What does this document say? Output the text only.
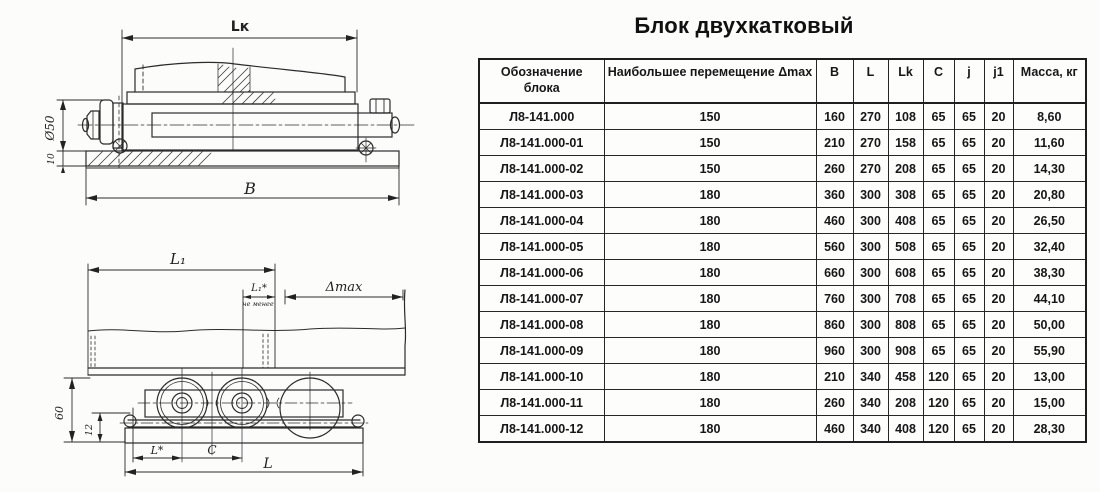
Lк
Ø50
10
B
L₁
L₁*
не менее
Δmax
60
12
L*	C
L
Блок двухкатковый
Обозначение блока	Наибольшее перемещение Δmax	B	L	Lk	C	j	j1	Масса, кг
Л8-141.000	150	160	270	108	65	65	20	8,60
Л8-141.000-01	150	210	270	158	65	65	20	11,60
Л8-141.000-02	150	260	270	208	65	65	20	14,30
Л8-141.000-03	180	360	300	308	65	65	20	20,80
Л8-141.000-04	180	460	300	408	65	65	20	26,50
Л8-141.000-05	180	560	300	508	65	65	20	32,40
Л8-141.000-06	180	660	300	608	65	65	20	38,30
Л8-141.000-07	180	760	300	708	65	65	20	44,10
Л8-141.000-08	180	860	300	808	65	65	20	50,00
Л8-141.000-09	180	960	300	908	65	65	20	55,90
Л8-141.000-10	180	210	340	458	120	65	20	13,00
Л8-141.000-11	180	260	340	208	120	65	20	15,00
Л8-141.000-12	180	460	340	408	120	65	20	28,30
